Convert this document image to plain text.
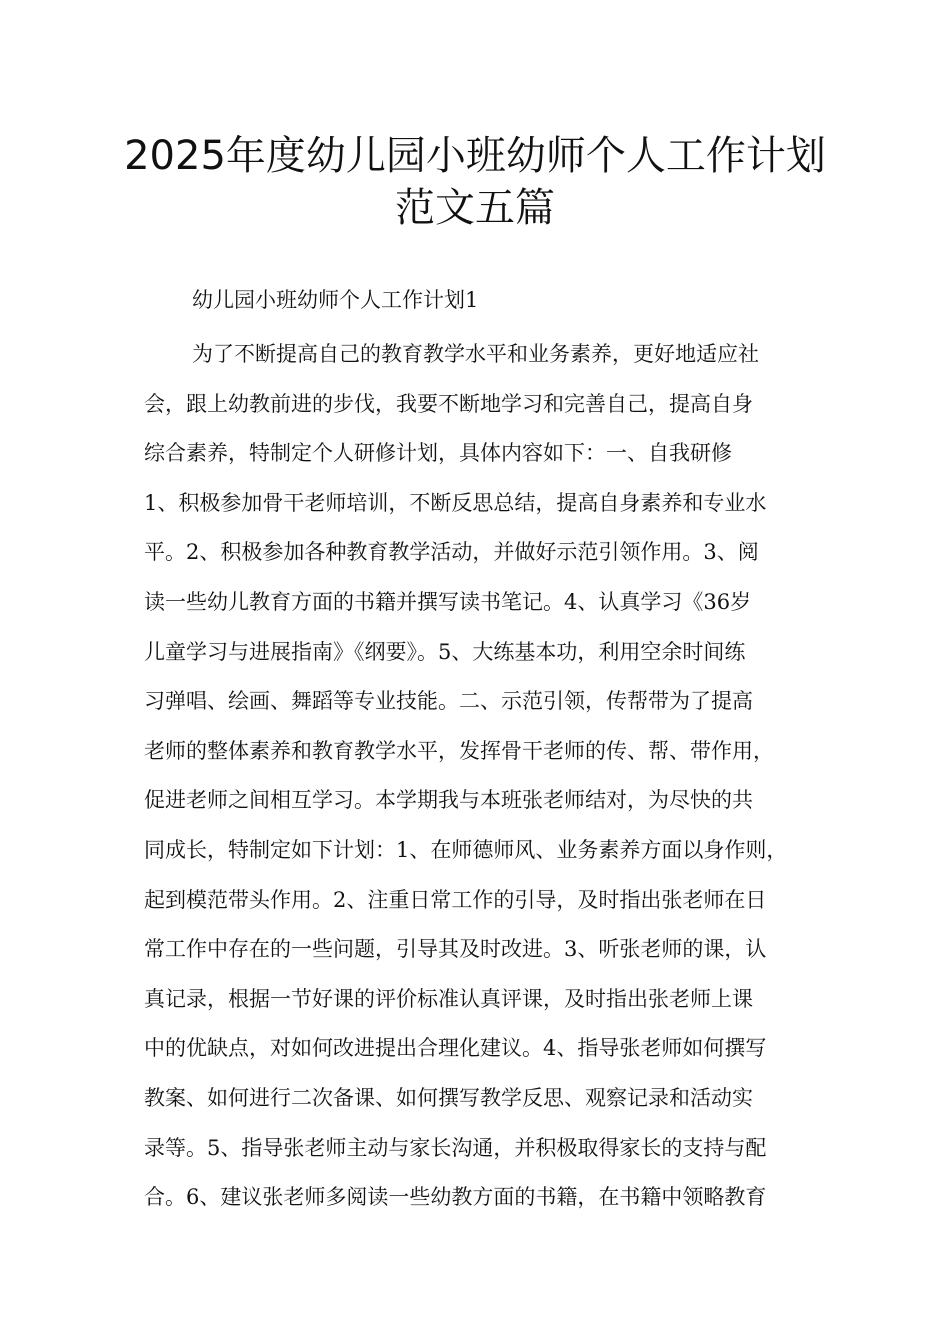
2025年度幼儿园小班幼师个人工作计划
范文五篇

幼儿园小班幼师个人工作计划1

为了不断提高自己的教育教学水平和业务素养，更好地适应社
会，跟上幼教前进的步伐，我要不断地学习和完善自己，提高自身
综合素养，特制定个人研修计划，具体内容如下：一、自我研修
1、积极参加骨干老师培训，不断反思总结，提高自身素养和专业水
平。2、积极参加各种教育教学活动，并做好示范引领作用。3、阅
读一些幼儿教育方面的书籍并撰写读书笔记。4、认真学习《36岁
儿童学习与进展指南》《纲要》。5、大练基本功，利用空余时间练
习弹唱、绘画、舞蹈等专业技能。二、示范引领，传帮带为了提高
老师的整体素养和教育教学水平，发挥骨干老师的传、帮、带作用，
促进老师之间相互学习。本学期我与本班张老师结对，为尽快的共
同成长，特制定如下计划：1、在师德师风、业务素养方面以身作则，
起到模范带头作用。2、注重日常工作的引导，及时指出张老师在日
常工作中存在的一些问题，引导其及时改进。3、听张老师的课，认
真记录，根据一节好课的评价标准认真评课，及时指出张老师上课
中的优缺点，对如何改进提出合理化建议。4、指导张老师如何撰写
教案、如何进行二次备课、如何撰写教学反思、观察记录和活动实
录等。5、指导张老师主动与家长沟通，并积极取得家长的支持与配
合。6、建议张老师多阅读一些幼教方面的书籍，在书籍中领略教育
